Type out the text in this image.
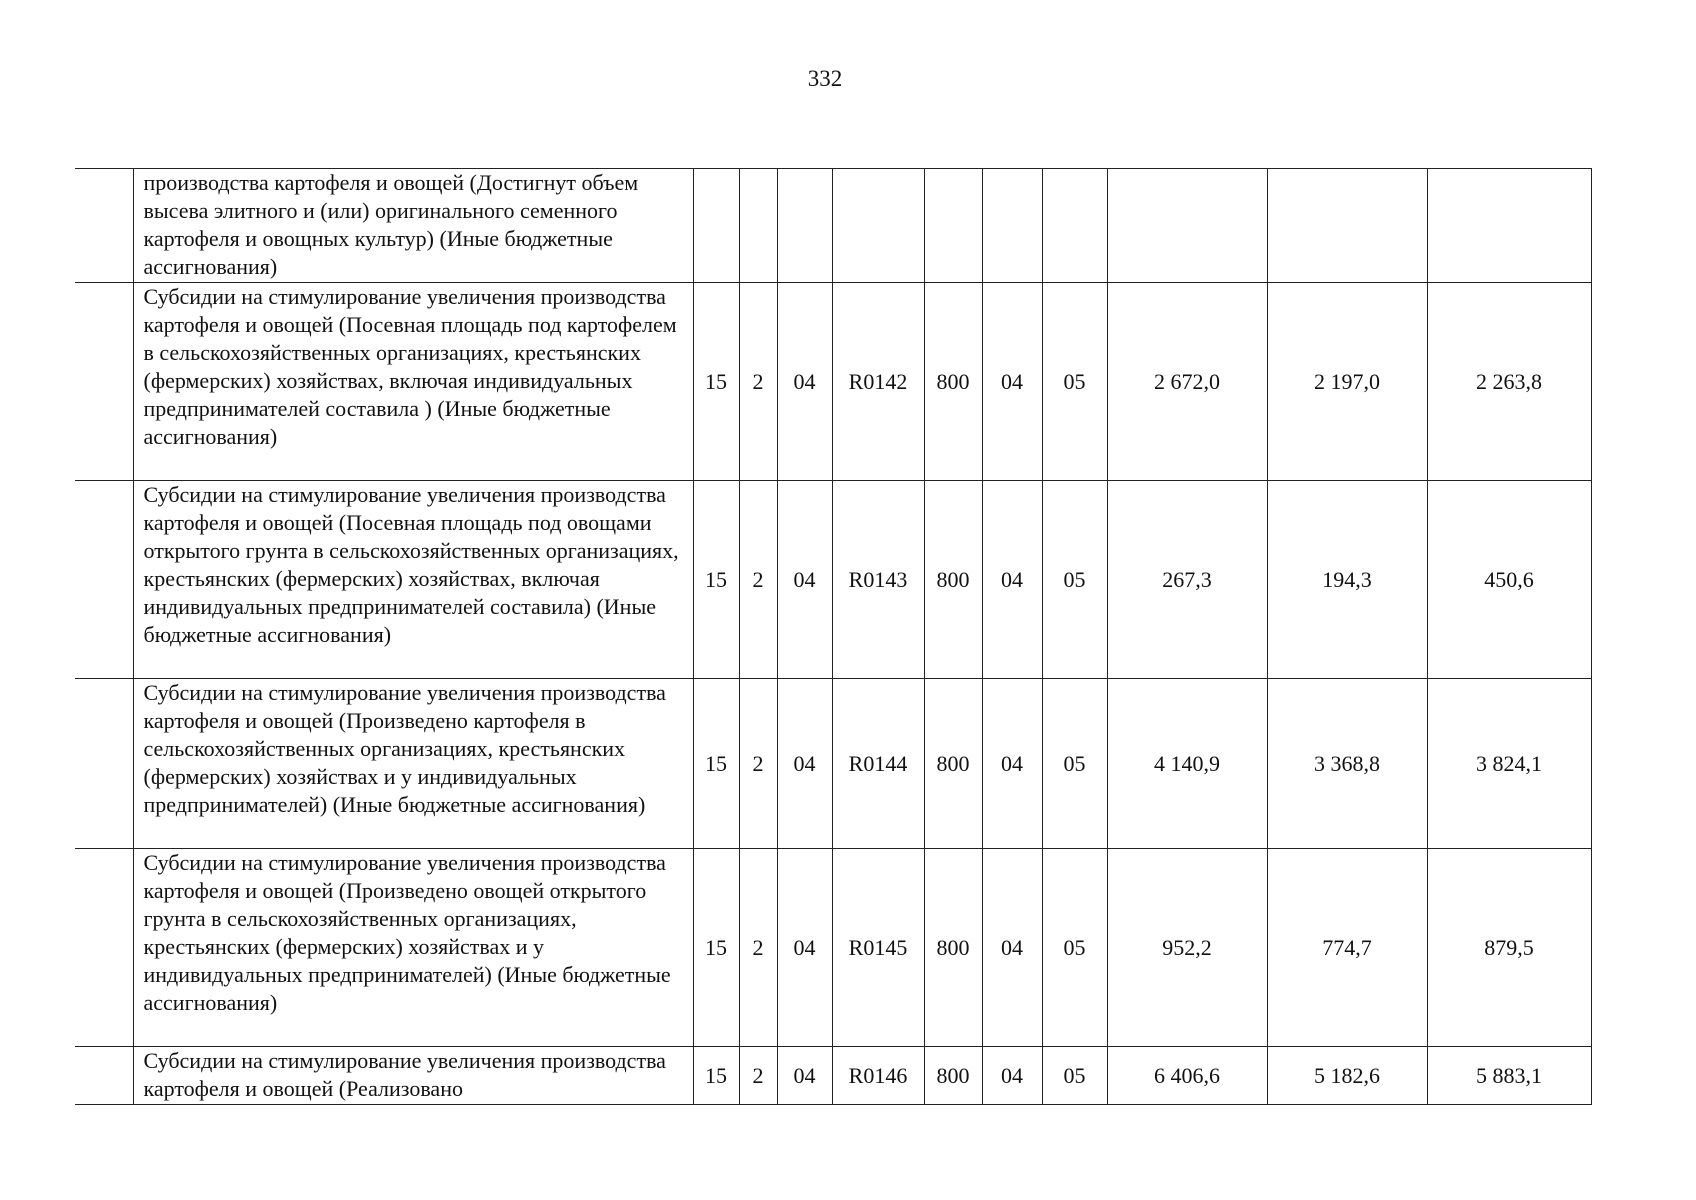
332
	производства картофеля и овощей (Достигнут объем высева элитного и (или) оригинального семенного картофеля и овощных культур) (Иные бюджетные ассигнования)										
	Субсидии на стимулирование увеличения производства картофеля и овощей (Посевная площадь под картофелем в сельскохозяйственных организациях, крестьянских (фермерских) хозяйствах, включая индивидуальных предпринимателей составила ) (Иные бюджетные ассигнования)	15	2	04	R0142	800	04	05	2 672,0	2 197,0	2 263,8
	Субсидии на стимулирование увеличения производства картофеля и овощей (Посевная площадь под овощами открытого грунта в сельскохозяйственных организациях, крестьянских (фермерских) хозяйствах, включая индивидуальных предпринимателей составила) (Иные бюджетные ассигнования)	15	2	04	R0143	800	04	05	267,3	194,3	450,6
	Субсидии на стимулирование увеличения производства картофеля и овощей (Произведено картофеля в сельскохозяйственных организациях, крестьянских (фермерских) хозяйствах и у индивидуальных предпринимателей) (Иные бюджетные ассигнования)	15	2	04	R0144	800	04	05	4 140,9	3 368,8	3 824,1
	Субсидии на стимулирование увеличения производства картофеля и овощей (Произведено овощей открытого грунта в сельскохозяйственных организациях, крестьянских (фермерских) хозяйствах и у индивидуальных предпринимателей) (Иные бюджетные ассигнования)	15	2	04	R0145	800	04	05	952,2	774,7	879,5
	Субсидии на стимулирование увеличения производства картофеля и овощей (Реализовано	15	2	04	R0146	800	04	05	6 406,6	5 182,6	5 883,1
